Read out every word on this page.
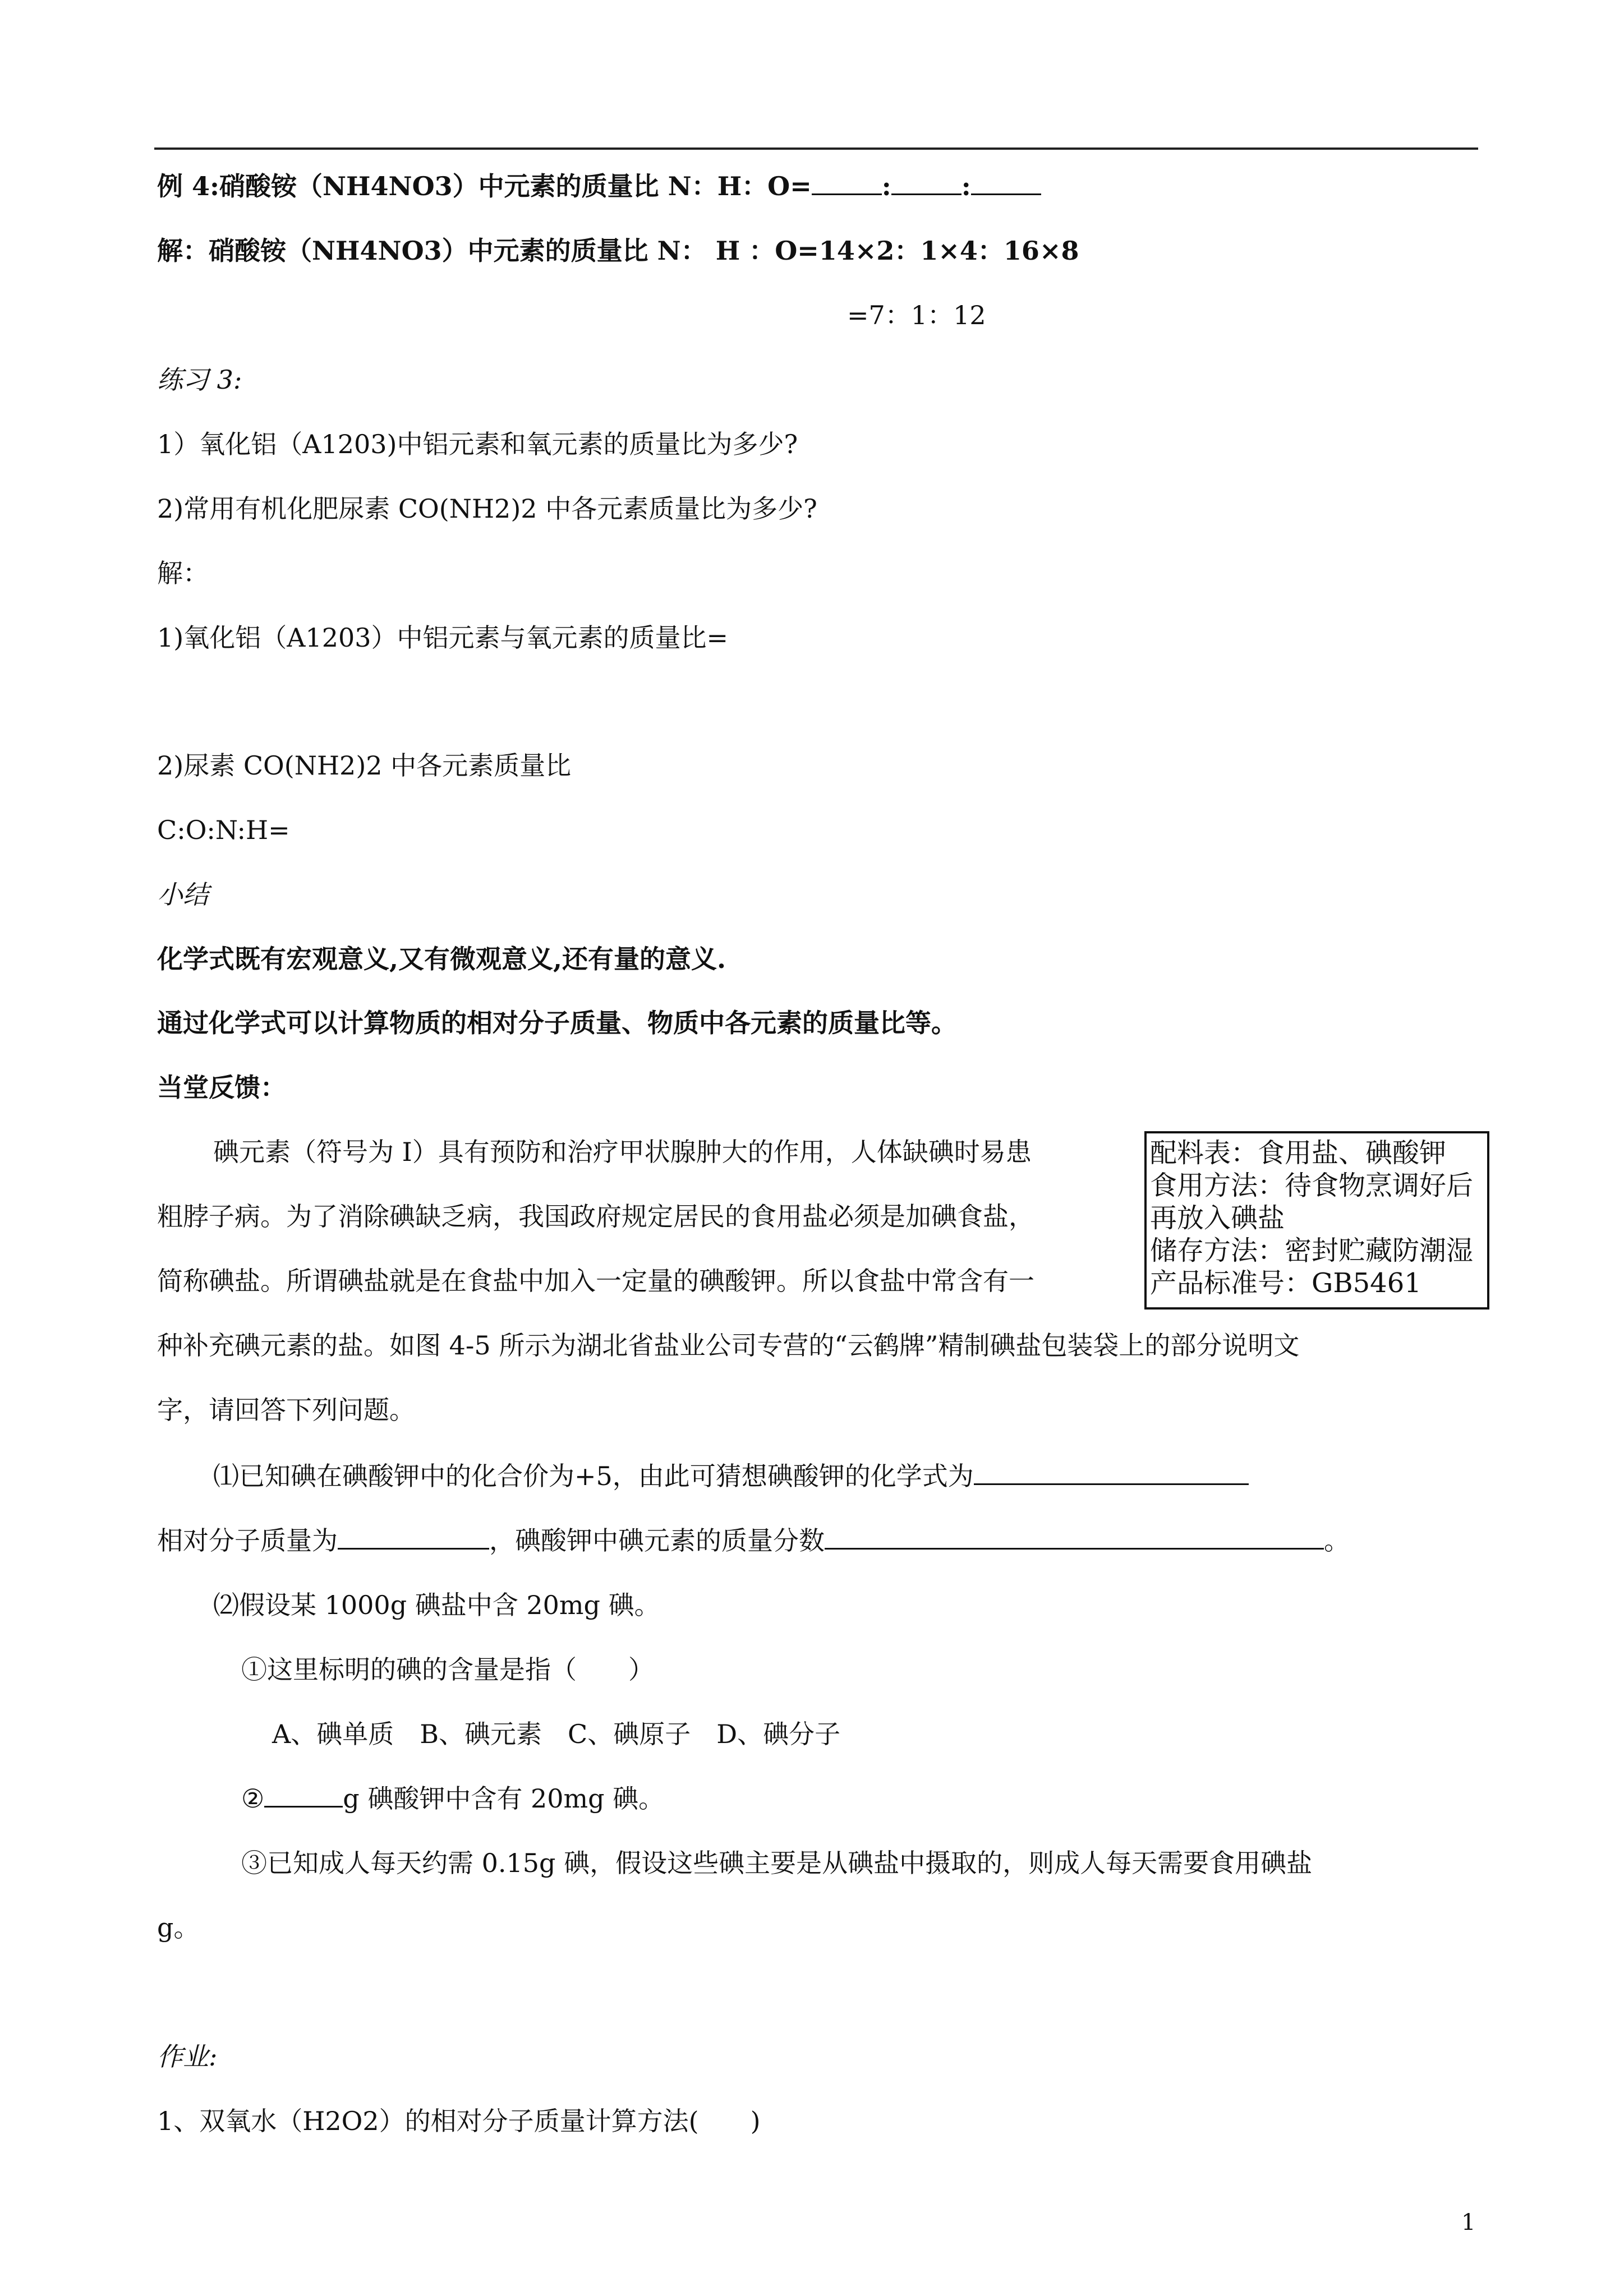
例 4:硝酸铵（NH4NO3）中元素的质量比 N：H：O=	:	:
解：硝酸铵（NH4NO3）中元素的质量比 N： H ：O=14×2：1×4：16×8
=7：1：12
练习 3:
1）氧化铝（A1203)中铝元素和氧元素的质量比为多少?
2)常用有机化肥尿素 CO(NH2)2 中各元素质量比为多少?
解：
1)氧化铝（A1203）中铝元素与氧元素的质量比=
2)尿素 CO(NH2)2 中各元素质量比
C:O:N:H=
小结
化学式既有宏观意义,又有微观意义,还有量的意义.
通过化学式可以计算物质的相对分子质量、物质中各元素的质量比等。
当堂反馈：
碘元素（符号为 I）具有预防和治疗甲状腺肿大的作用，人体缺碘时易患
粗脖子病。为了消除碘缺乏病，我国政府规定居民的食用盐必须是加碘食盐，
简称碘盐。所谓碘盐就是在食盐中加入一定量的碘酸钾。所以食盐中常含有一
种补充碘元素的盐。如图 4-5 所示为湖北省盐业公司专营的“云鹤牌”精制碘盐包装袋上的部分说明文
字，请回答下列问题。
配料表：食用盐、碘酸钾
食用方法：待食物烹调好后
再放入碘盐
储存方法：密封贮藏防潮湿
产品标准号：GB5461
⑴已知碘在碘酸钾中的化合价为+5，由此可猜想碘酸钾的化学式为
相对分子质量为	，碘酸钾中碘元素的质量分数	。
⑵假设某 1000g 碘盐中含 20mg 碘。
①这里标明的碘的含量是指（　　）
A、碘单质　B、碘元素　C、碘原子　D、碘分子
②	g 碘酸钾中含有 20mg 碘。
③已知成人每天约需 0.15g 碘，假设这些碘主要是从碘盐中摄取的，则成人每天需要食用碘盐
g。
作业:
1、双氧水（H2O2）的相对分子质量计算方法(　　)
1
